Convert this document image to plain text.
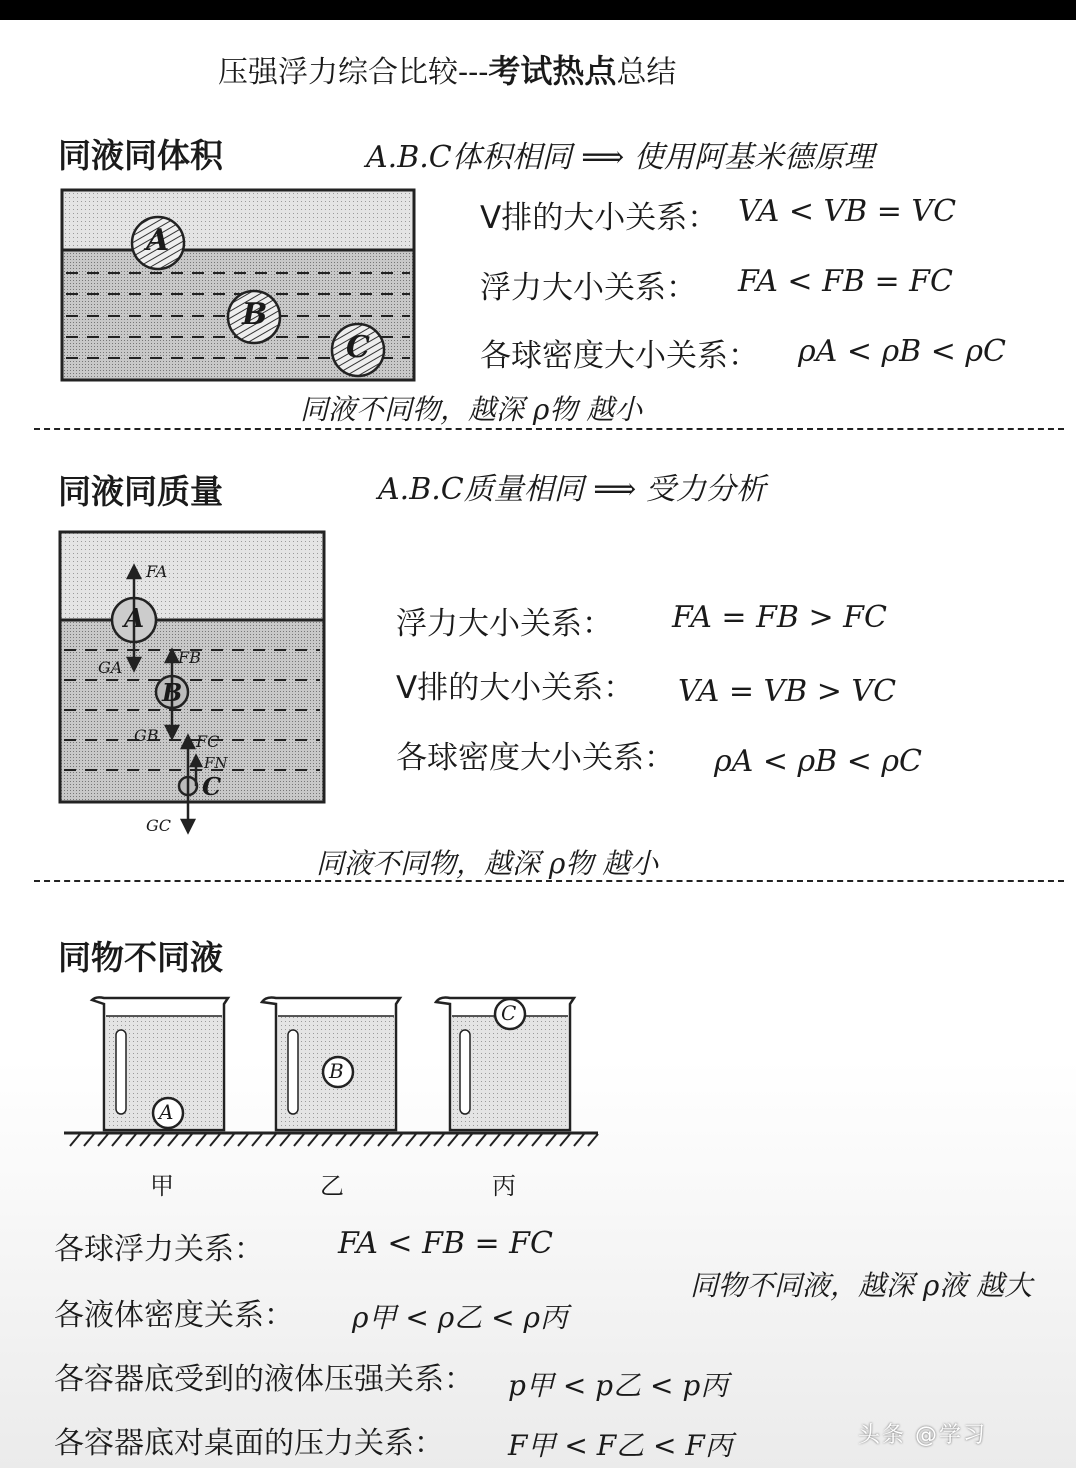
压强浮力综合比较---考试热点总结
同液同体积	A.B.C体积相同 ⟹ 使用阿基米德原理
A
B
C
V排的大小关系： VA < VB = VC
浮力大小关系： FA < FB = FC
各球密度大小关系： ρA < ρB < ρC
同液不同物，越深 ρ物 越小
同液同质量	A.B.C质量相同 ⟹ 受力分析
A
B
C
FA
GA
FB
GB FC
FN
GC
浮力大小关系： FA = FB > FC
V排的大小关系： VA = VB > VC
各球密度大小关系： ρA < ρB < ρC
同液不同物，越深 ρ物 越小
同物不同液
A
B
C
甲	乙	丙
各球浮力关系： FA < FB = FC
各液体密度关系： ρ甲 < ρ乙 < ρ丙
各容器底受到的液体压强关系： p甲 < p乙 < p丙
各容器底对桌面的压力关系： F甲 < F乙 < F丙
同物不同液，越深 ρ液 越大
头条 @学习
